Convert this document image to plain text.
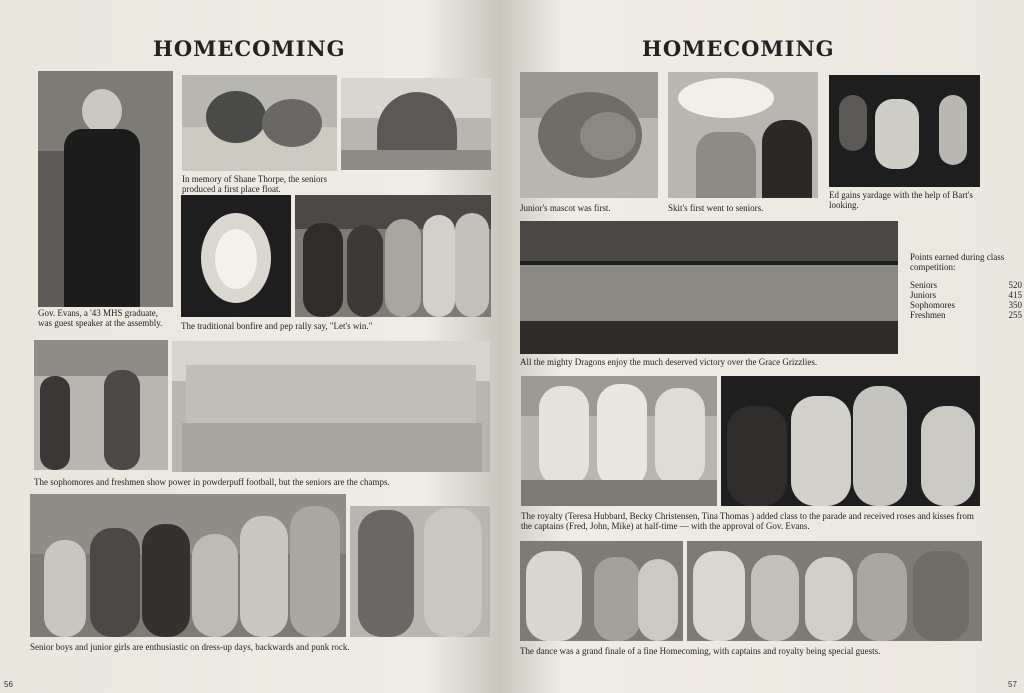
HOMECOMING
Gov. Evans, a '43 MHS graduate, was guest speaker at the assembly.
In memory of Shane Thorpe, the seniors produced a first place float.
The traditional bonfire and pep rally say, "Let's win."
The sophomores and freshmen show power in powderpuff football, but the seniors are the champs.
Senior boys and junior girls are enthusiastic on dress-up days, backwards and punk rock.
56
HOMECOMING
Junior's mascot was first.	Skit's first went to seniors.
Ed gains yardage with the help of Bart's looking.
All the mighty Dragons enjoy the much deserved victory over the Grace Grizzlies.
Points earned during class competition:
Seniors	520
Juniors	415
Sophomores	350
Freshmen	255
The royalty (Teresa Hubbard, Becky Christensen, Tina Thomas ) added class to the parade and received roses and kisses from the captains (Fred, John, Mike) at half-time — with the approval of Gov. Evans.
The dance was a grand finale of a fine Homecoming, with captains and royalty being special guests.
57
